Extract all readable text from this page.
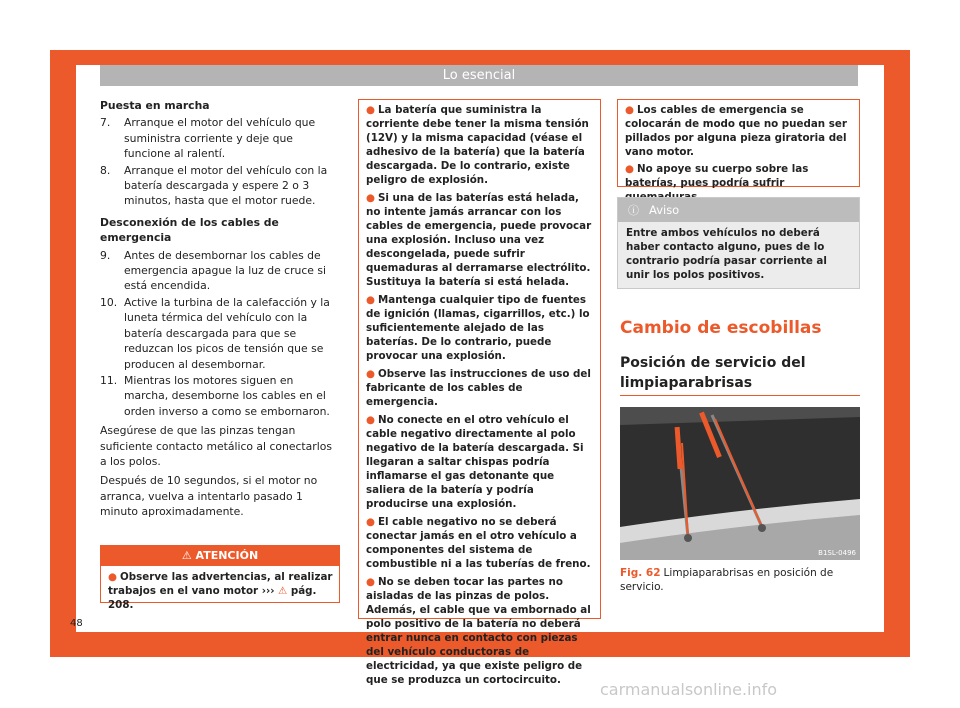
Lo esencial
Puesta en marcha
7.	Arranque el motor del vehículo que suministra corriente y deje que funcione al ralentí.
8.	Arranque el motor del vehículo con la batería descargada y espere 2 o 3 minutos, hasta que el motor ruede.
Desconexión de los cables de emergencia
9.	Antes de desembornar los cables de emergencia apague la luz de cruce si está encendida.
10. Active la turbina de la calefacción y la luneta térmica del vehículo con la batería descargada para que se reduzcan los picos de tensión que se producen al desembornar.
11. Mientras los motores siguen en marcha, desemborne los cables en el orden inverso a como se embornaron.

Asegúrese de que las pinzas tengan suficiente contacto metálico al conectarlos a los polos.

Después de 10 segundos, si el motor no arranca, vuelva a intentarlo pasado 1 minuto aproximadamente.

⚠ ATENCIÓN
● Observe las advertencias, al realizar trabajos en el vano motor ››› ⚠ pág. 208.
● La batería que suministra la corriente debe tener la misma tensión (12V) y la misma capacidad (véase el adhesivo de la batería) que la batería descargada. De lo contrario, existe peligro de explosión.
● Si una de las baterías está helada, no intente jamás arrancar con los cables de emergencia, puede provocar una explosión. Incluso una vez descongelada, puede sufrir quemaduras al derramarse electrólito. Sustituya la batería si está helada.
● Mantenga cualquier tipo de fuentes de ignición (llamas, cigarrillos, etc.) lo suficientemente alejado de las baterías. De lo contrario, puede provocar una explosión.
● Observe las instrucciones de uso del fabricante de los cables de emergencia.
● No conecte en el otro vehículo el cable negativo directamente al polo negativo de la batería descargada. Si llegaran a saltar chispas podría inflamarse el gas detonante que saliera de la batería y podría producirse una explosión.
● El cable negativo no se deberá conectar jamás en el otro vehículo a componentes del sistema de combustible ni a las tuberías de freno.
● No se deben tocar las partes no aisladas de las pinzas de polos. Además, el cable que va embornado al polo positivo de la batería no deberá entrar nunca en contacto con piezas del vehículo conductoras de electricidad, ya que existe peligro de que se produzca un cortocircuito.
● Los cables de emergencia se colocarán de modo que no puedan ser pillados por alguna pieza giratoria del vano motor.
● No apoye su cuerpo sobre las baterías, pues podría sufrir
ⓘ Aviso
Entre ambos vehículos no deberá haber contacto alguno, pues de lo contrario podría pasar corriente al unir los polos positivos.
Cambio de escobillas
Posición de servicio del limpiaparabrisas
B1SL-0496
Fig. 62 Limpiaparabrisas en posición de servicio.
48
carmanualsonline.info
